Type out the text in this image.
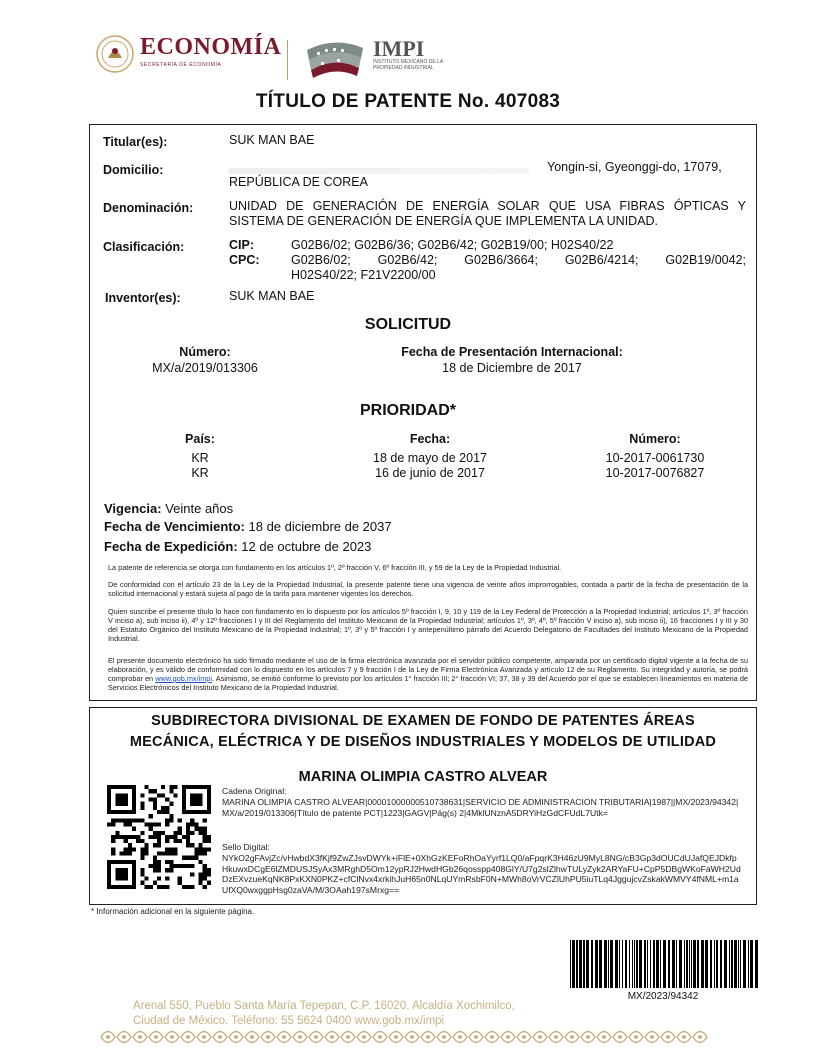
ECONOMÍA
SECRETARÍA DE ECONOMÍA
IMPI
INSTITUTO MEXICANO DE LA PROPIEDAD INDUSTRIAL
TÍTULO DE PATENTE No. 407083
Titular(es):	SUK MAN BAE
Domicilio:	Yongin-si, Gyeonggi-do, 17079,
REPÚBLICA DE COREA
Denominación:	UNIDAD DE GENERACIÓN DE ENERGÍA SOLAR QUE USA FIBRAS ÓPTICAS Y
SISTEMA DE GENERACIÓN DE ENERGÍA QUE IMPLEMENTA LA UNIDAD.
Clasificación:	CIP:	G02B6/02; G02B6/36; G02B6/42; G02B19/00; H02S40/22
CPC:	G02B6/02; G02B6/42; G02B6/3664; G02B6/4214; G02B19/0042;
H02S40/22; F21V2200/00
Inventor(es):	SUK MAN BAE
SOLICITUD
Número:
MX/a/2019/013306
Fecha de Presentación Internacional:
18 de Diciembre de 2017
PRIORIDAD*
País:	Fecha:	Número:
KR	18 de mayo de 2017	10-2017-0061730
KR	16 de junio de 2017	10-2017-0076827
Vigencia: Veinte años
Fecha de Vencimiento: 18 de diciembre de 2037
Fecha de Expedición: 12 de octubre de 2023
La patente de referencia se otorga con fundamento en los artículos 1º, 2º fracción V, 6º fracción III, y 59 de la Ley de la Propiedad Industrial.
De conformidad con el artículo 23 de la Ley de la Propiedad Industrial, la presente patente tiene una vigencia de veinte años improrrogables, contada a partir de la fecha de presentación de la solicitud internacional y estará sujeta al pago de la tarifa para mantener vigentes los derechos.
Quien suscribe el presente título lo hace con fundamento en lo dispuesto por los artículos 5º fracción I, 9, 10 y 119 de la Ley Federal de Protección a la Propiedad Industrial; artículos 1º, 3º fracción V inciso a), sub inciso ii), 4º y 12º fracciones I y III del Reglamento del Instituto Mexicano de la Propiedad Industrial; artículos 1º, 3º, 4º, 5º fracción V inciso a), sub inciso ii), 16 fracciones I y III y 30 del Estatuto Orgánico del Instituto Mexicano de la Propiedad Industrial; 1º, 3º y 5º fracción I y antepenúltimo párrafo del Acuerdo Delegatorio de Facultades del Instituto Mexicano de la Propiedad Industrial.
El presente documento electrónico ha sido firmado mediante el uso de la firma electrónica avanzada por el servidor público competente, amparada por un certificado digital vigente a la fecha de su elaboración, y es válido de conformidad con lo dispuesto en los artículos 7 y 9 fracción I de la Ley de Firma Electrónica Avanzada y artículo 12 de su Reglamento. Su integridad y autoría, se podrá comprobar en www.gob.mx/impi. Asimismo, se emitió conforme lo previsto por los artículos 1° fracción III; 2° fracción VI; 37, 38 y 39 del Acuerdo por el que se establecen lineamientos en materia de Servicios Electrónicos del Instituto Mexicano de la Propiedad Industrial.
SUBDIRECTORA DIVISIONAL DE EXAMEN DE FONDO DE PATENTES ÁREAS
MECÁNICA, ELÉCTRICA Y DE DISEÑOS INDUSTRIALES Y MODELOS DE UTILIDAD
MARINA OLIMPIA CASTRO ALVEAR
Cadena Original:
MARINA OLIMPIA CASTRO ALVEAR|00001000000510738631|SERVICIO DE ADMINISTRACION TRIBUTARIA|1987||MX/2023/94342|MX/a/2019/013306|Título de patente PCT|1223|GAGV|Pág(s) 2|4MklUNznA5DRYiHzGdCFUdL7Utk=
Sello Digital:
NYkO2gFAvjZc/vHwbdX3fKjf9ZwZJsvDWYk+iFlE+0XhGzKEFoRhOaYyrf1LQ0/aFpqrK3H46zU9MyL8NG/cB3Gp3dOUCdUJafQEJDkfpHkuwxDCgE6lZMDUSJSyAx3MRghD5Om12ypRJ2HwdHGb26qosspp408GlY/U7g2slZlhwTULyZyk2ARYaFU+CpP5DBgWKoFaWH2UdDzEXvzueKqNK8PxKXN0PKZ+cfClNvx4xrkihJuH65n0NLqUYmRsbF0N+MWh8oVrVCZlUhPU5iuTLq4JggujcvZskakWMVY4fNML+m1aUfXQ0wxggpHsg0zaVA/M/3OAah197sMrxg==
* Información adicional en la siguiente página.
MX/2023/94342
Arenal 550, Pueblo Santa María Tepepan, C.P. 16020, Alcaldía Xochimilco,
Ciudad de México. Teléfono: 55 5624 0400 www.gob.mx/impi
